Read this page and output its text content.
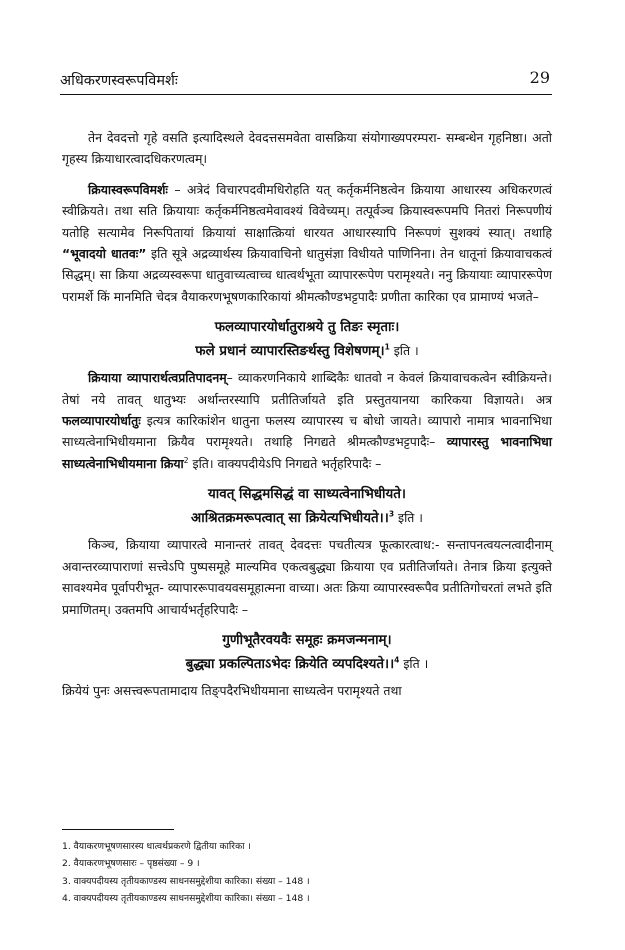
अधिकरणस्वरूपविमर्शः	29

तेन देवदत्तो गृहे वसति इत्यादिस्थले देवदत्तसमवेता वासक्रिया संयोगाख्यपरम्परा- सम्बन्धेन गृहनिष्ठा। अतो गृहस्य क्रियाधारत्वादधिकरणत्वम्।

क्रियास्वरूपविमर्शः – अत्रेदं विचारपदवीमधिरोहति यत् कर्तृकर्मनिष्ठत्वेन क्रियाया आधारस्य अधिकरणत्वं स्वीक्रियते। तथा सति क्रियायाः कर्तृकर्मनिष्ठत्वमेवावश्यं विवेच्यम्। तत्पूर्वञ्च क्रियास्वरूपमपि नितरां निरूपणीयं यतोहि सत्यामेव निरूपितायां क्रियायां साक्षात्क्रियां धारयत आधारस्यापि निरूपणं सुशक्यं स्यात्। तथाहि “भूवादयो धातवः” इति सूत्रे अद्रव्यार्थस्य क्रियावाचिनो धातुसंज्ञा विधीयते पाणिनिना। तेन धातूनां क्रियावाचकत्वं सिद्धम्। सा क्रिया अद्रव्यस्वरूपा धातुवाच्यत्वाच्च धात्वर्थभूता व्यापाररूपेण परामृश्यते। ननु क्रियायाः व्यापाररूपेण परामर्शे किं मानमिति चेदत्र वैयाकरणभूषणकारिकायां श्रीमत्कौण्डभट्टपादैः प्रणीता कारिका एव प्रामाण्यं भजते–

फलव्यापारयोर्धातुराश्रये तु तिङः स्मृताः।
फले प्रधानं व्यापारस्तिङर्थस्तु विशेषणम्।$^1$ इति ।

क्रियाया व्यापारार्थत्वप्रतिपादनम्– व्याकरणनिकाये शाब्दिकैः धातवो न केवलं क्रियावाचकत्वेन स्वीक्रियन्ते। तेषां नये तावत् धातुभ्यः अर्थान्तरस्यापि प्रतीतिर्जायते इति प्रस्तुतयानया कारिकया विज्ञायते। अत्र फलव्यापारयोर्धातुः इत्यत्र कारिकांशेन धातुना फलस्य व्यापारस्य च बोधो जायते। व्यापारो नामात्र भावनाभिधा साध्यत्वेनाभिधीयमाना क्रियैव परामृश्यते। तथाहि निगद्यते श्रीमत्कौण्डभट्टपादैः– व्यापारस्तु भावनाभिधा साध्यत्वेनाभिधीयमाना क्रिया$^2$ इति। वाक्यपदीयेऽपि निगद्यते भर्तृहरिपादैः –

यावत् सिद्धमसिद्धं वा साध्यत्वेनाभिधीयते।
आश्रितक्रमरूपत्वात् सा क्रियेत्यभिधीयते।।$^3$ इति ।

किञ्च, क्रियाया व्यापारत्वे मानान्तरं तावत् देवदत्तः पचतीत्यत्र फूत्कारत्वाध:- सन्तापनत्वयत्नत्वादीनाम् अवान्तरव्यापाराणां सत्त्वेऽपि पुष्पसमूहे माल्यमिव एकत्वबुद्ध्या क्रियाया एव प्रतीतिर्जायते। तेनात्र क्रिया इत्युक्ते सावश्यमेव पूर्वापरीभूत- व्यापाररूपावयवसमूहात्मना वाच्या। अतः क्रिया व्यापारस्वरूपैव प्रतीतिगोचरतां लभते इति प्रमाणितम्। उक्तमपि आचार्यभर्तृहरिपादैः –

गुणीभूतैरवयवैः समूहः क्रमजन्मनाम्।
बुद्ध्या प्रकल्पिताऽभेदः क्रियेति व्यपदिश्यते।।$^4$ इति ।

क्रियेयं पुनः असत्त्वरूपतामादाय तिङ्पदैरभिधीयमाना साध्यत्वेन परामृश्यते तथा

1. वैयाकरणभूषणसारस्य धात्वर्थप्रकरणे द्वितीया कारिका ।
2. वैयाकरणभूषणसारः – पृष्ठसंख्या – 9 ।
3. वाक्यपदीयस्य तृतीयकाण्डस्य साधनसमुद्देशीया कारिका। संख्या – 148 ।
4. वाक्यपदीयस्य तृतीयकाण्डस्य साधनसमुद्देशीया कारिका। संख्या – 148 ।
